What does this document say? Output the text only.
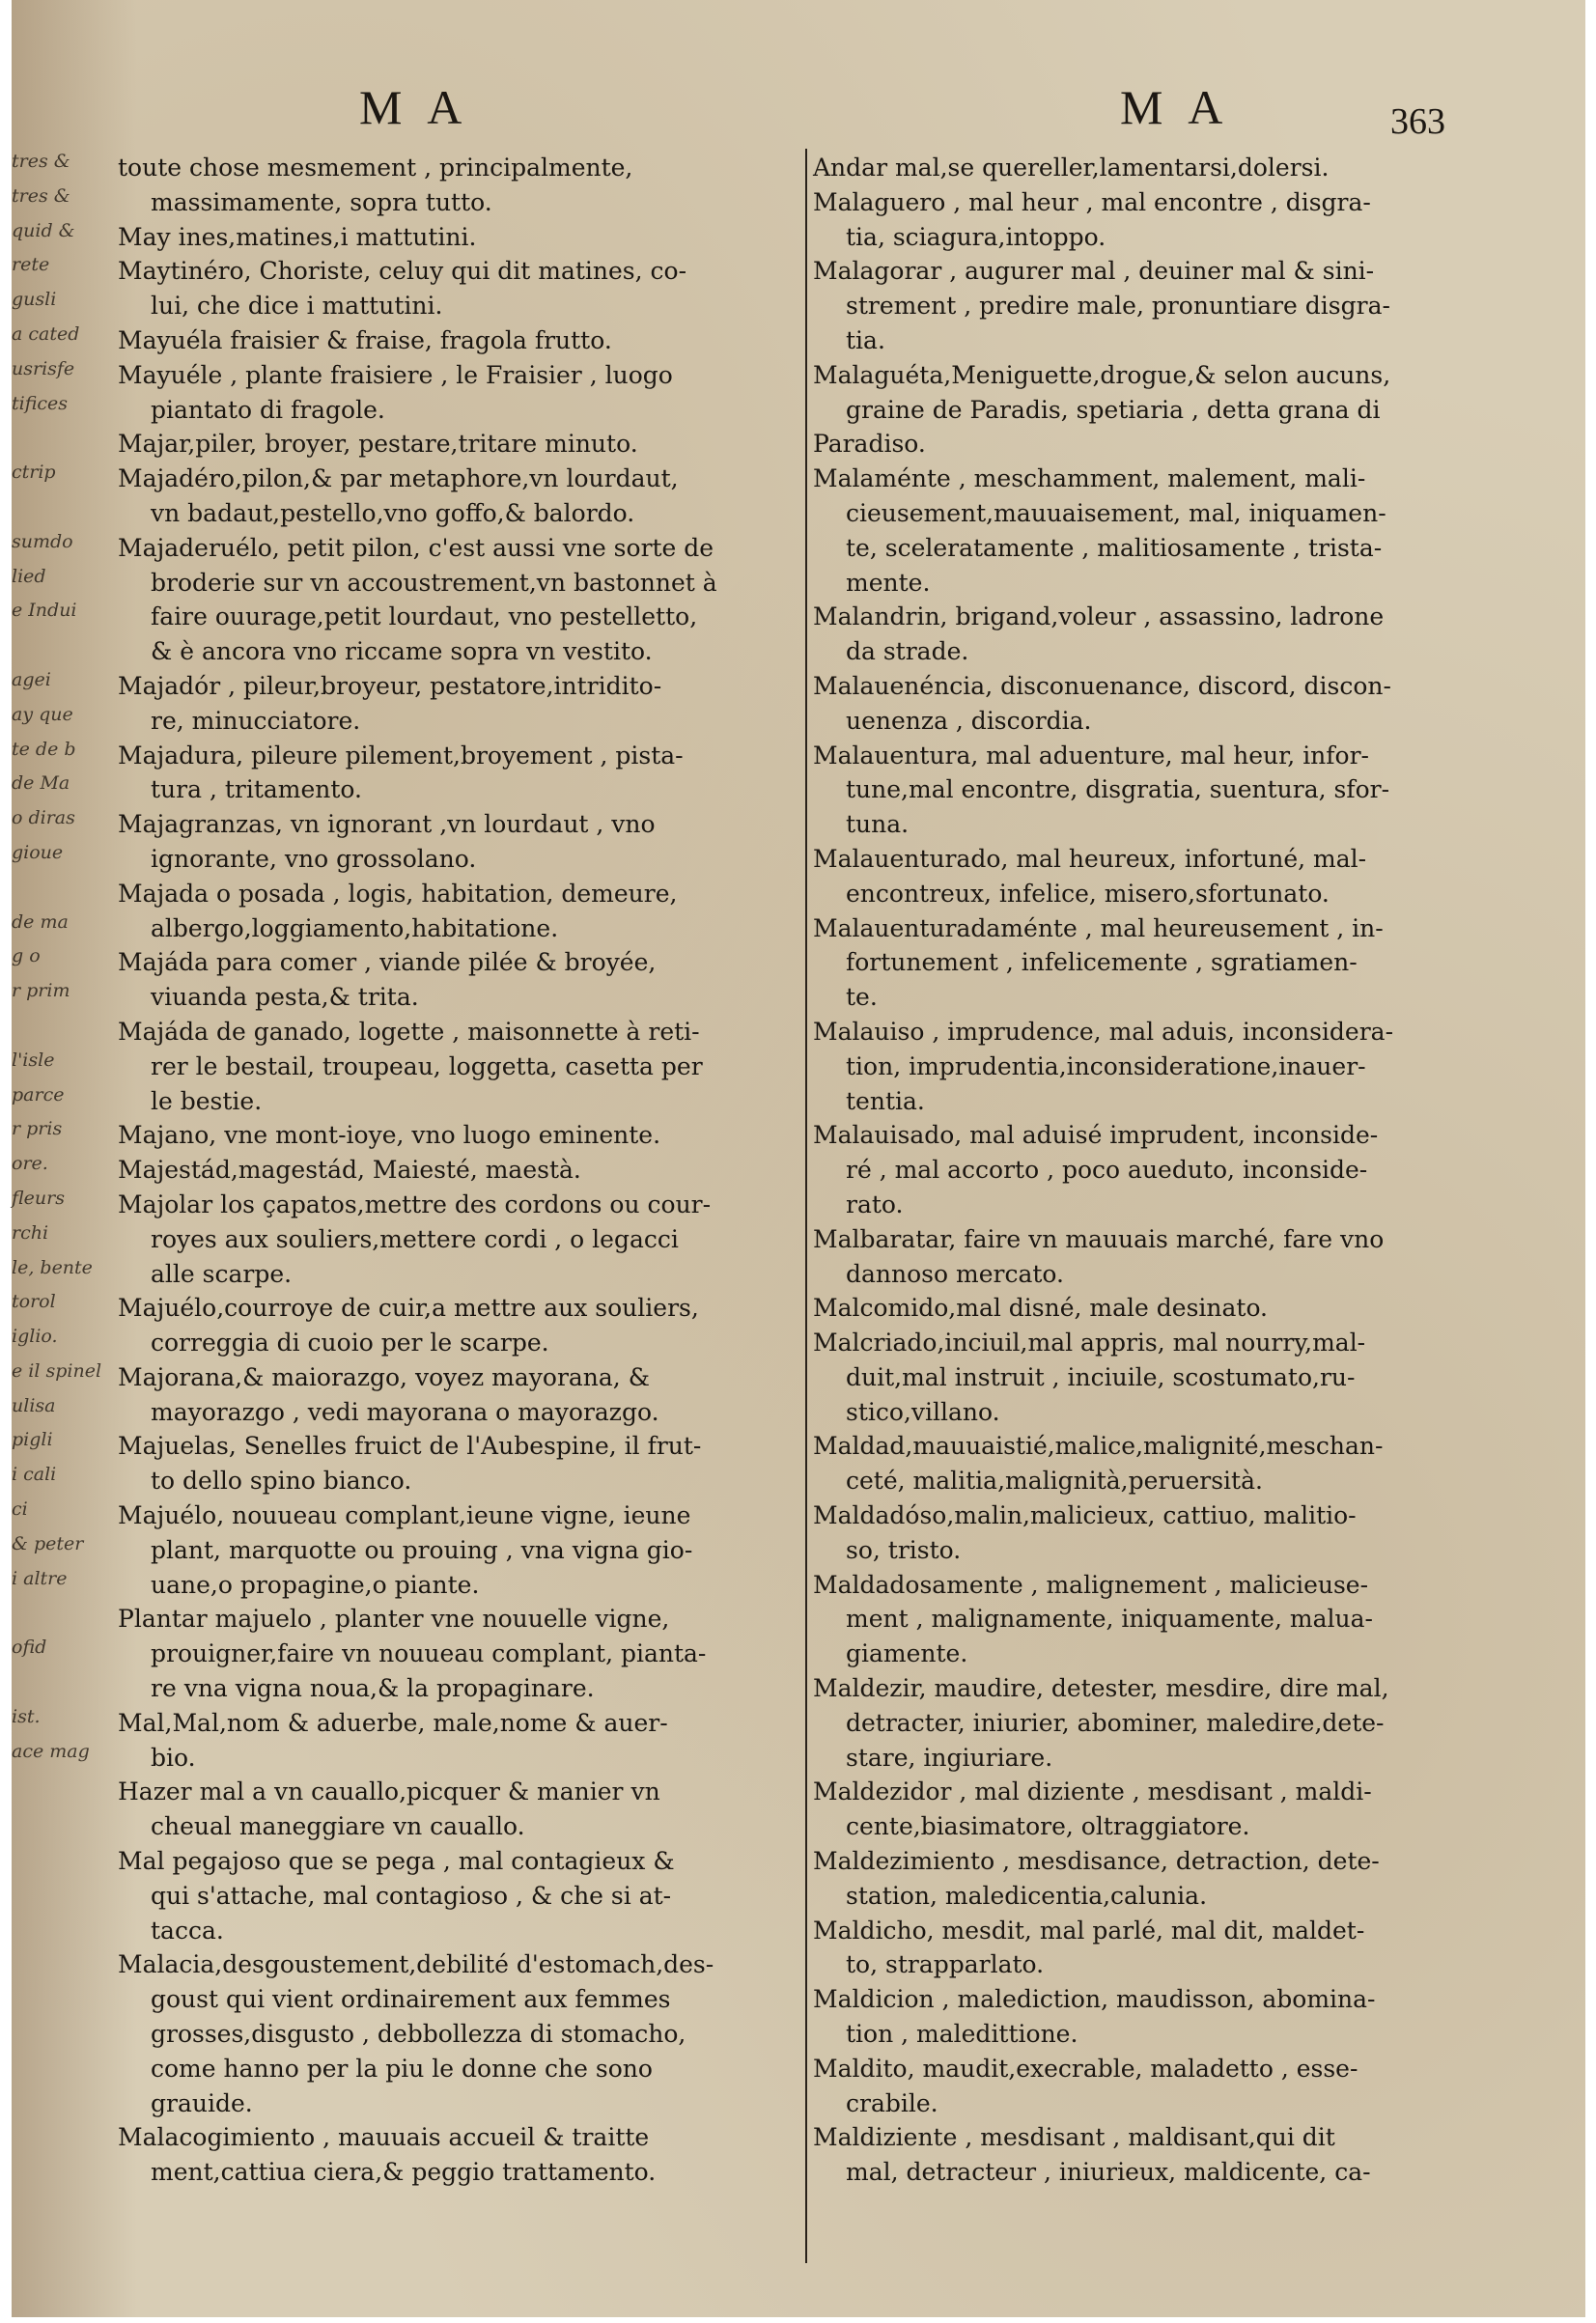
tres &
tres &
quid &
rete
gusli
a cated
usrisfe
tifices
ctrip
sumdo
lied
e Indui
agei
ay que
te de b
de Ma
o diras
gioue
de ma
g o
r prim
l'isle
parce
r pris
ore.
fleurs
rchi
le, bente
torol
iglio.
e il spinel
ulisa
pigli
i cali
ci
& peter
i altre
ofid
ist.
ace mag
M A	M A	363
toute chose mesmement , principalmente,
massimamente, sopra tutto.
May ines,matines,i mattutini.
Maytinéro, Choriste, celuy qui dit matines, co-
lui, che dice i mattutini.
Mayuéla fraisier & fraise, fragola frutto.
Mayuéle , plante fraisiere , le Fraisier , luogo
piantato di fragole.
Majar,piler, broyer, pestare,tritare minuto.
Majadéro,pilon,& par metaphore,vn lourdaut,
vn badaut,pestello,vno goffo,& balordo.
Majaderuélo, petit pilon, c'est aussi vne sorte de
broderie sur vn accoustrement,vn bastonnet à
faire ouurage,petit lourdaut, vno pestelletto,
& è ancora vno riccame sopra vn vestito.
Majadór , pileur,broyeur, pestatore,intridito-
re, minucciatore.
Majadura, pileure pilement,broyement , pista-
tura , tritamento.
Majagranzas, vn ignorant ,vn lourdaut , vno
ignorante, vno grossolano.
Majada o posada , logis, habitation, demeure,
albergo,loggiamento,habitatione.
Majáda para comer , viande pilée & broyée,
viuanda pesta,& trita.
Majáda de ganado, logette , maisonnette à reti-
rer le bestail, troupeau, loggetta, casetta per
le bestie.
Majano, vne mont-ioye, vno luogo eminente.
Majestád,magestád, Maiesté, maestà.
Majolar los çapatos,mettre des cordons ou cour-
royes aux souliers,mettere cordi , o legacci
alle scarpe.
Majuélo,courroye de cuir,a mettre aux souliers,
correggia di cuoio per le scarpe.
Majorana,& maiorazgo, voyez mayorana, &
mayorazgo , vedi mayorana o mayorazgo.
Majuelas, Senelles fruict de l'Aubespine, il frut-
to dello spino bianco.
Majuélo, nouueau complant,ieune vigne, ieune
plant, marquotte ou prouing , vna vigna gio-
uane,o propagine,o piante.
Plantar majuelo , planter vne nouuelle vigne,
prouigner,faire vn nouueau complant, pianta-
re vna vigna noua,& la propaginare.
Mal,Mal,nom & aduerbe, male,nome & auer-
bio.
Hazer mal a vn cauallo,picquer & manier vn
cheual maneggiare vn cauallo.
Mal pegajoso que se pega , mal contagieux &
qui s'attache, mal contagioso , & che si at-
tacca.
Malacia,desgoustement,debilité d'estomach,des-
goust qui vient ordinairement aux femmes
grosses,disgusto , debbollezza di stomacho,
come hanno per la piu le donne che sono
grauide.
Malacogimiento , mauuais accueil & traitte
ment,cattiua ciera,& peggio trattamento.
Andar mal,se quereller,lamentarsi,dolersi.
Malaguero , mal heur , mal encontre , disgra-
tia, sciagura,intoppo.
Malagorar , augurer mal , deuiner mal & sini-
strement , predire male, pronuntiare disgra-
tia.
Malaguéta,Meniguette,drogue,& selon aucuns,
graine de Paradis, spetiaria , detta grana di
Paradiso.
Malaménte , meschamment, malement, mali-
cieusement,mauuaisement, mal, iniquamen-
te, sceleratamente , malitiosamente , trista-
mente.
Malandrin, brigand,voleur , assassino, ladrone
da strade.
Malauenéncia, disconuenance, discord, discon-
uenenza , discordia.
Malauentura, mal aduenture, mal heur, infor-
tune,mal encontre, disgratia, suentura, sfor-
tuna.
Malauenturado, mal heureux, infortuné, mal-
encontreux, infelice, misero,sfortunato.
Malauenturadaménte , mal heureusement , in-
fortunement , infelicemente , sgratiamen-
te.
Malauiso , imprudence, mal aduis, inconsidera-
tion, imprudentia,inconsideratione,inauer-
tentia.
Malauisado, mal aduisé imprudent, inconside-
ré , mal accorto , poco aueduto, inconside-
rato.
Malbaratar, faire vn mauuais marché, fare vno
dannoso mercato.
Malcomido,mal disné, male desinato.
Malcriado,inciuil,mal appris, mal nourry,mal-
duit,mal instruit , inciuile, scostumato,ru-
stico,villano.
Maldad,mauuaistié,malice,malignité,meschan-
ceté, malitia,malignità,peruersità.
Maldadóso,malin,malicieux, cattiuo, malitio-
so, tristo.
Maldadosamente , malignement , malicieuse-
ment , malignamente, iniquamente, malua-
giamente.
Maldezir, maudire, detester, mesdire, dire mal,
detracter, iniurier, abominer, maledire,dete-
stare, ingiuriare.
Maldezidor , mal diziente , mesdisant , maldi-
cente,biasimatore, oltraggiatore.
Maldezimiento , mesdisance, detraction, dete-
station, maledicentia,calunia.
Maldicho, mesdit, mal parlé, mal dit, maldet-
to, strapparlato.
Maldicion , malediction, maudisson, abomina-
tion , maledittione.
Maldito, maudit,execrable, maladetto , esse-
crabile.
Maldiziente , mesdisant , maldisant,qui dit
mal, detracteur , iniurieux, maldicente, ca-
